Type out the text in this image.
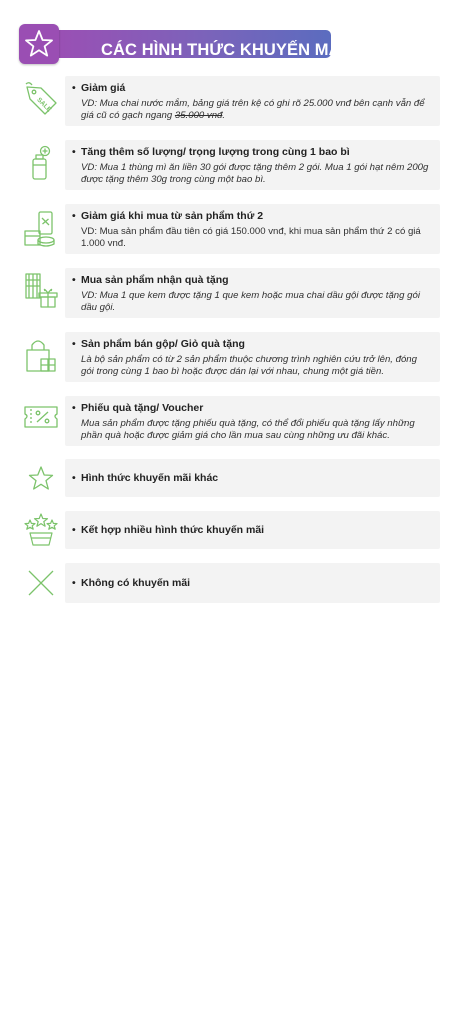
CÁC HÌNH THỨC KHUYẾN MÃI
SALE
• Giảm giá
VD: Mua chai nước mắm, bảng giá trên kệ có ghi rõ 25.000 vnđ bên cạnh vẫn để giá cũ có gạch ngang 35.000 vnđ.
• Tăng thêm số lượng/ trọng lượng trong cùng 1 bao bì
VD: Mua 1 thùng mì ăn liền 30 gói được tặng thêm 2 gói. Mua 1 gói hạt nêm 200g được tặng thêm 30g trong cùng một bao bì.
• Giảm giá khi mua từ sản phẩm thứ 2
VD: Mua sản phẩm đầu tiên có giá 150.000 vnđ, khi mua sản phẩm thứ 2 có giá 1.000 vnđ.
• Mua sản phẩm nhận quà tặng
VD: Mua 1 que kem được tặng 1 que kem hoặc mua chai dầu gội được tặng gói dầu gội.
• Sản phẩm bán gộp/ Giỏ quà tặng
Là bộ sản phẩm có từ 2 sản phẩm thuộc chương trình nghiên cứu trở lên, đóng gói trong cùng 1 bao bì hoặc được dán lại với nhau, chung một giá tiền.
• Phiếu quà tặng/ Voucher
Mua sản phẩm được tặng phiếu quà tặng, có thể đổi phiếu quà tặng lấy những phần quà hoặc được giảm giá cho lần mua sau cùng những ưu đãi khác.
• Hình thức khuyến mãi khác
• Kết hợp nhiều hình thức khuyến mãi
• Không có khuyến mãi
